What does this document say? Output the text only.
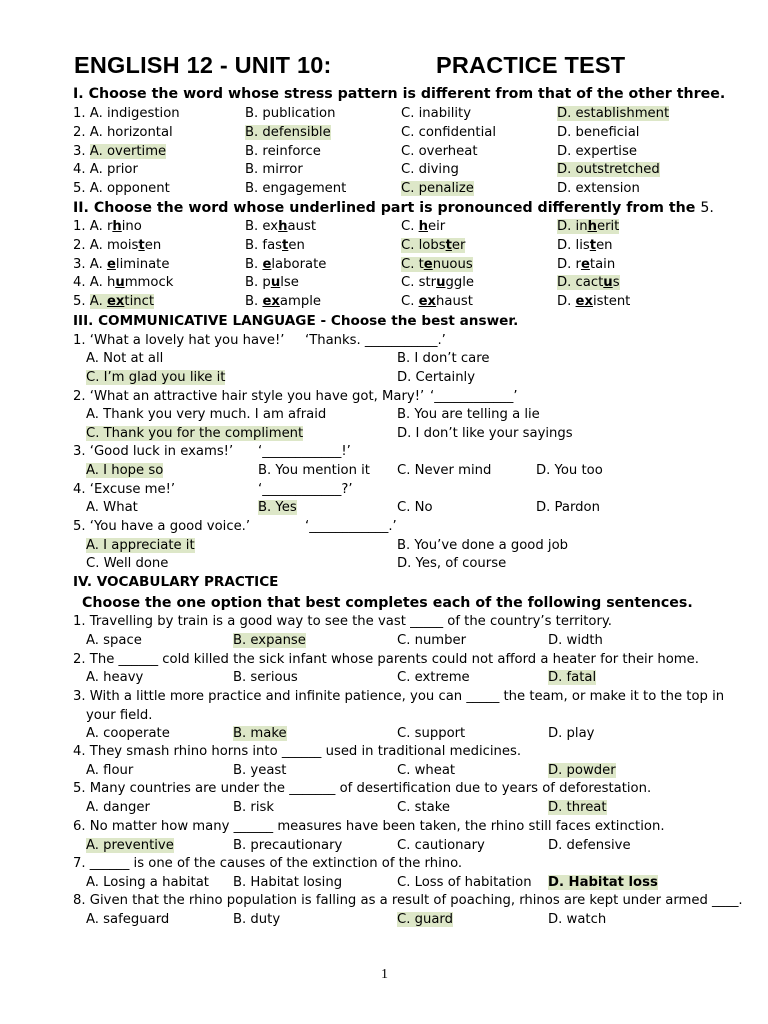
ENGLISH 12 - UNIT 10:	PRACTICE TEST
I. Choose the word whose stress pattern is different from that of the other three.
1. A. indigestion	B. publication	C. inability	D. establishment
2. A. horizontal	B. defensible	C. confidential	D. beneficial
3. A. overtime	B. reinforce	C. overheat	D. expertise
4. A. prior	B. mirror	C. diving	D. outstretched
5. A. opponent	B. engagement	C. penalize	D. extension
II. Choose the word whose underlined part is pronounced differently from the 5.
1. A. rhino	B. exhaust	C. heir	D. inherit
2. A. moisten	B. fasten	C. lobster	D. listen
3. A. eliminate	B. elaborate	C. tenuous	D. retain
4. A. hummock	B. pulse	C. struggle	D. cactus
5. A. extinct	B. example	C. exhaust	D. existent
III. COMMUNICATIVE LANGUAGE - Choose the best answer.
1. ‘What a lovely hat you have!’ ‘Thanks. ___________.’
A. Not at all	B. I don’t care
C. I’m glad you like it	D. Certainly
2. ‘What an attractive hair style you have got, Mary!’ ‘____________’
A. Thank you very much. I am afraid	B. You are telling a lie
C. Thank you for the compliment	D. I don’t like your sayings
3. ‘Good luck in exams!’ ‘____________!’
A. I hope so	B. You mention it C. Never mind	D. You too
4. ‘Excuse me!’	‘____________?’
A. What	B. Yes	C. No	D. Pardon
5. ‘You have a good voice.’	‘____________.’
A. I appreciate it	B. You’ve done a good job
C. Well done	D. Yes, of course
IV. VOCABULARY PRACTICE
Choose the one option that best completes each of the following sentences.
1. Travelling by train is a good way to see the vast _____ of the country’s territory.
A. space	B. expanse	C. number	D. width
2. The ______ cold killed the sick infant whose parents could not afford a heater for their home.
A. heavy	B. serious	C. extreme	D. fatal
3. With a little more practice and infinite patience, you can _____ the team, or make it to the top in
your field.
A. cooperate	B. make	C. support	D. play
4. They smash rhino horns into ______ used in traditional medicines.
A. flour	B. yeast	C. wheat	D. powder
5. Many countries are under the _______ of desertification due to years of deforestation.
A. danger	B. risk	C. stake	D. threat
6. No matter how many ______ measures have been taken, the rhino still faces extinction.
A. preventive	B. precautionary	C. cautionary	D. defensive
7. ______ is one of the causes of the extinction of the rhino.
A. Losing a habitat B. Habitat losing	C. Loss of habitation D. Habitat loss
8. Given that the rhino population is falling as a result of poaching, rhinos are kept under armed ____.
A. safeguard	B. duty	C. guard	D. watch
1
